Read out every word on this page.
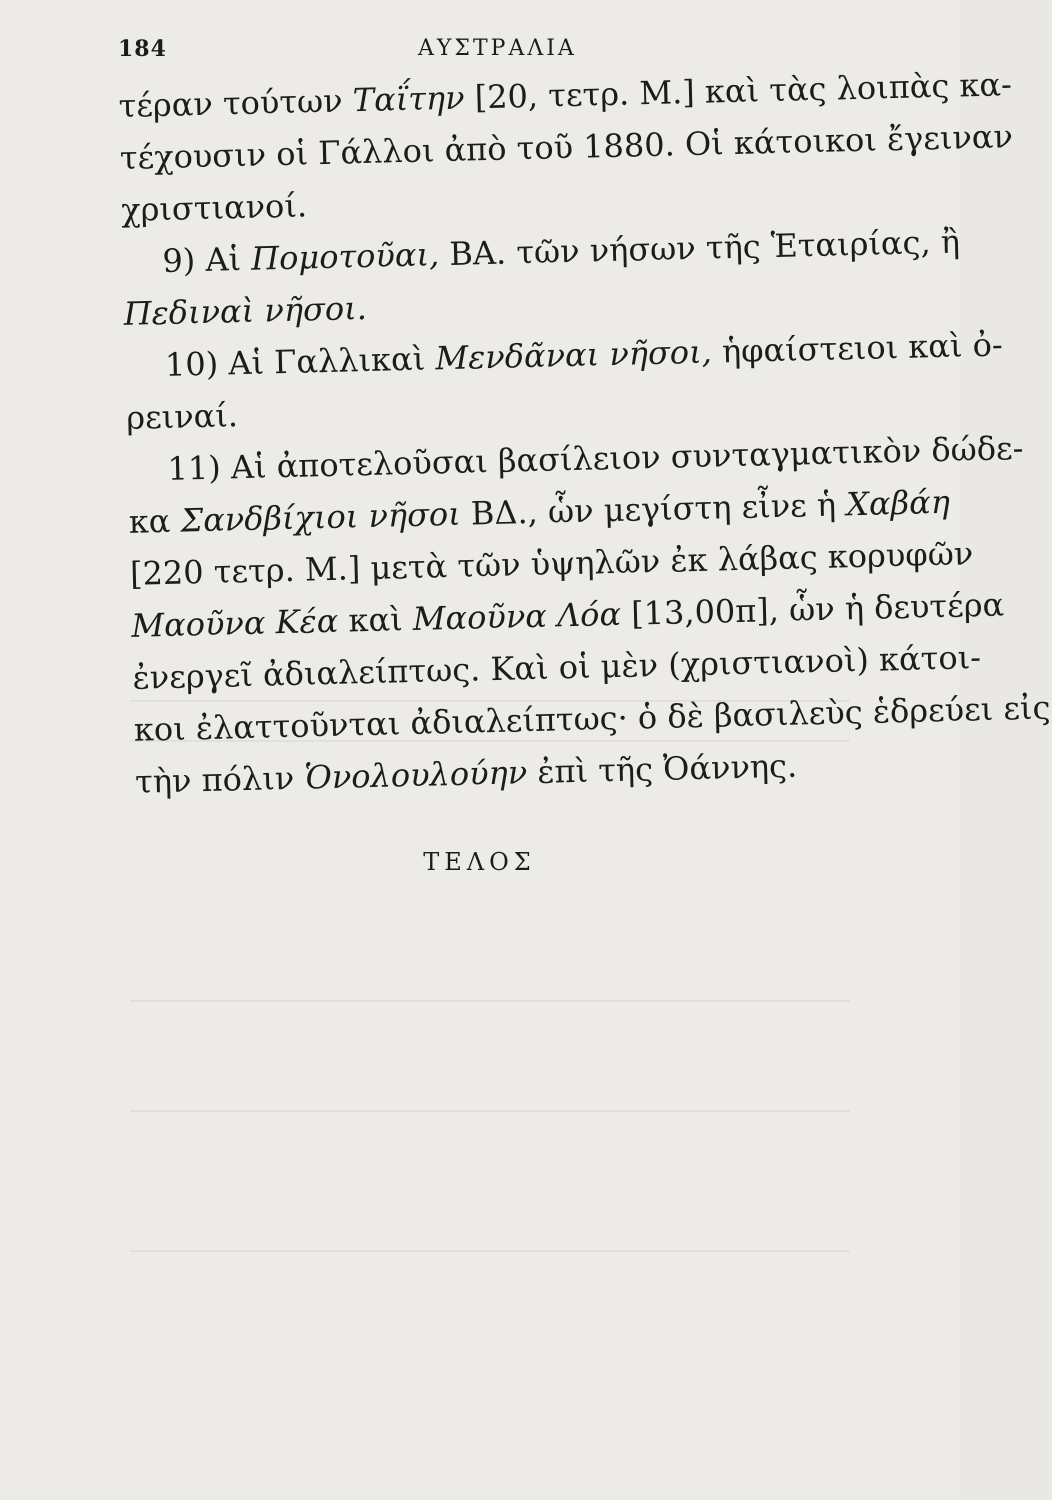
184	ΑΥΣΤΡΑΛΙΑ
τέραν τούτων Ταΐτην [20, τετρ. Μ.] καὶ τὰς λοιπὰς κα-
τέχουσιν οἱ Γάλλοι ἀπὸ τοῦ 1880. Οἱ κάτοικοι ἔγειναν
χριστιανοί.
9) Αἱ Πομοτοῦαι, ΒΑ. τῶν νήσων τῆς Ἑταιρίας, ἢ
Πεδιναὶ νῆσοι.
10) Αἱ Γαλλικαὶ Μενδᾶναι νῆσοι, ἡφαίστειοι καὶ ὀ-
ρειναί.
11) Αἱ ἀποτελοῦσαι βασίλειον συνταγματικὸν δώδε-
κα Σανδβίχιοι νῆσοι ΒΔ., ὧν μεγίστη εἶνε ἡ Χαβάη
[220 τετρ. Μ.] μετὰ τῶν ὑψηλῶν ἐκ λάβας κορυφῶν
Μαοῦνα Κέα καὶ Μαοῦνα Λόα [13,00π], ὧν ἡ δευτέρα
ἐνεργεῖ ἀδιαλείπτως. Καὶ οἱ μὲν (χριστιανοὶ) κάτοι-
κοι ἐλαττοῦνται ἀδιαλείπτως· ὁ δὲ βασιλεὺς ἑδρεύει εἰς
τὴν πόλιν Ὁνολουλούην ἐπὶ τῆς Ὀάννης.
ΤΕΛΟΣ
